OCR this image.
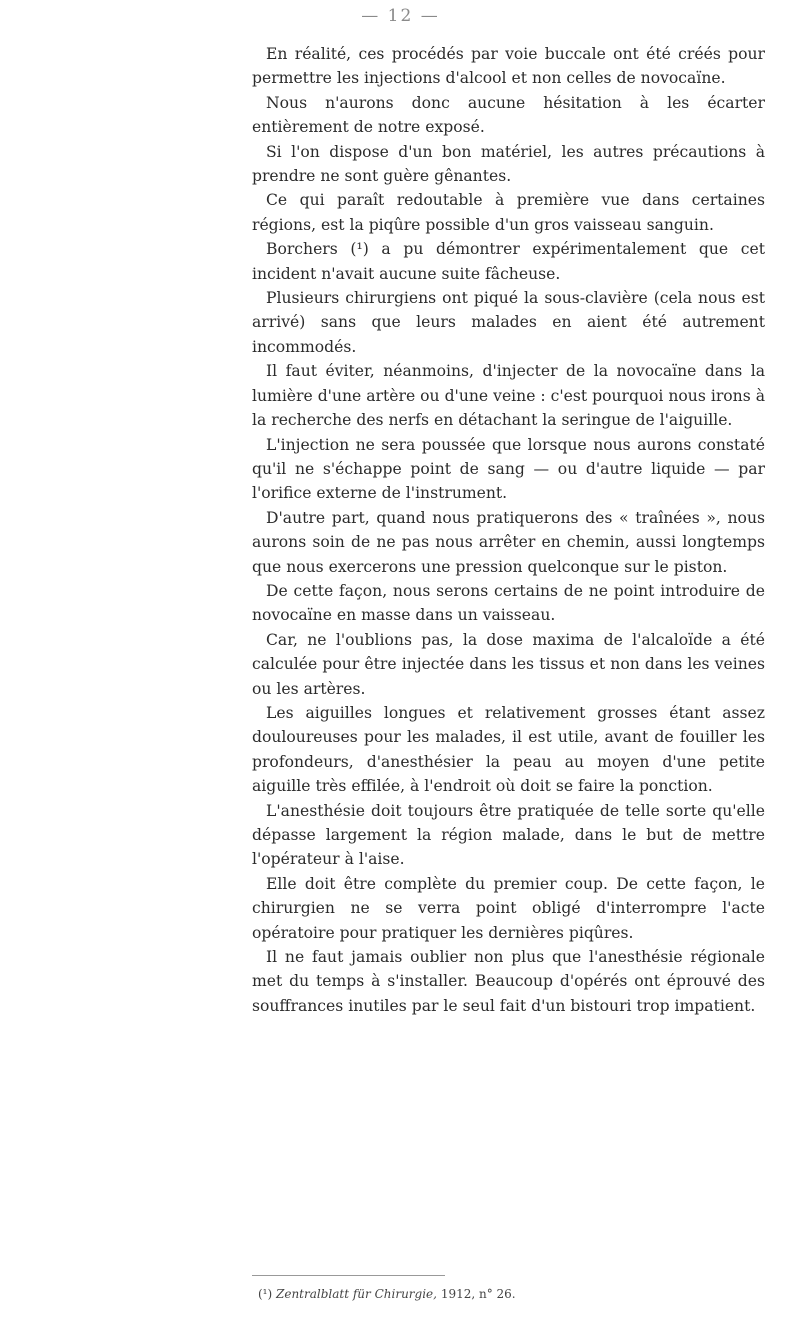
— 12 —

En réalité, ces procédés par voie buccale ont été créés pour permettre les injections d'alcool et non celles de novocaïne.

Nous n'aurons donc aucune hésitation à les écarter entièrement de notre exposé.

Si l'on dispose d'un bon matériel, les autres précautions à prendre ne sont guère gênantes.

Ce qui paraît redoutable à première vue dans certaines régions, est la piqûre possible d'un gros vaisseau sanguin.

Borchers (¹) a pu démontrer expérimentalement que cet incident n'avait aucune suite fâcheuse.

Plusieurs chirurgiens ont piqué la sous-clavière (cela nous est arrivé) sans que leurs malades en aient été autrement incommodés.

Il faut éviter, néanmoins, d'injecter de la novocaïne dans la lumière d'une artère ou d'une veine : c'est pourquoi nous irons à la recherche des nerfs en détachant la seringue de l'aiguille.

L'injection ne sera poussée que lorsque nous aurons constaté qu'il ne s'échappe point de sang — ou d'autre liquide — par l'orifice externe de l'instrument.

D'autre part, quand nous pratiquerons des « traînées », nous aurons soin de ne pas nous arrêter en chemin, aussi longtemps que nous exercerons une pression quelconque sur le piston.

De cette façon, nous serons certains de ne point introduire de novocaïne en masse dans un vaisseau.

Car, ne l'oublions pas, la dose maxima de l'alcaloïde a été calculée pour être injectée dans les tissus et non dans les veines ou les artères.

Les aiguilles longues et relativement grosses étant assez douloureuses pour les malades, il est utile, avant de fouiller les profondeurs, d'anesthésier la peau au moyen d'une petite aiguille très effilée, à l'endroit où doit se faire la ponction.

L'anesthésie doit toujours être pratiquée de telle sorte qu'elle dépasse largement la région malade, dans le but de mettre l'opérateur à l'aise.

Elle doit être complète du premier coup. De cette façon, le chirurgien ne se verra point obligé d'interrompre l'acte opératoire pour pratiquer les dernières piqûres.

Il ne faut jamais oublier non plus que l'anesthésie régionale met du temps à s'installer. Beaucoup d'opérés ont éprouvé des souffrances inutiles par le seul fait d'un bistouri trop impatient.

(¹) Zentralblatt für Chirurgie, 1912, n° 26.
